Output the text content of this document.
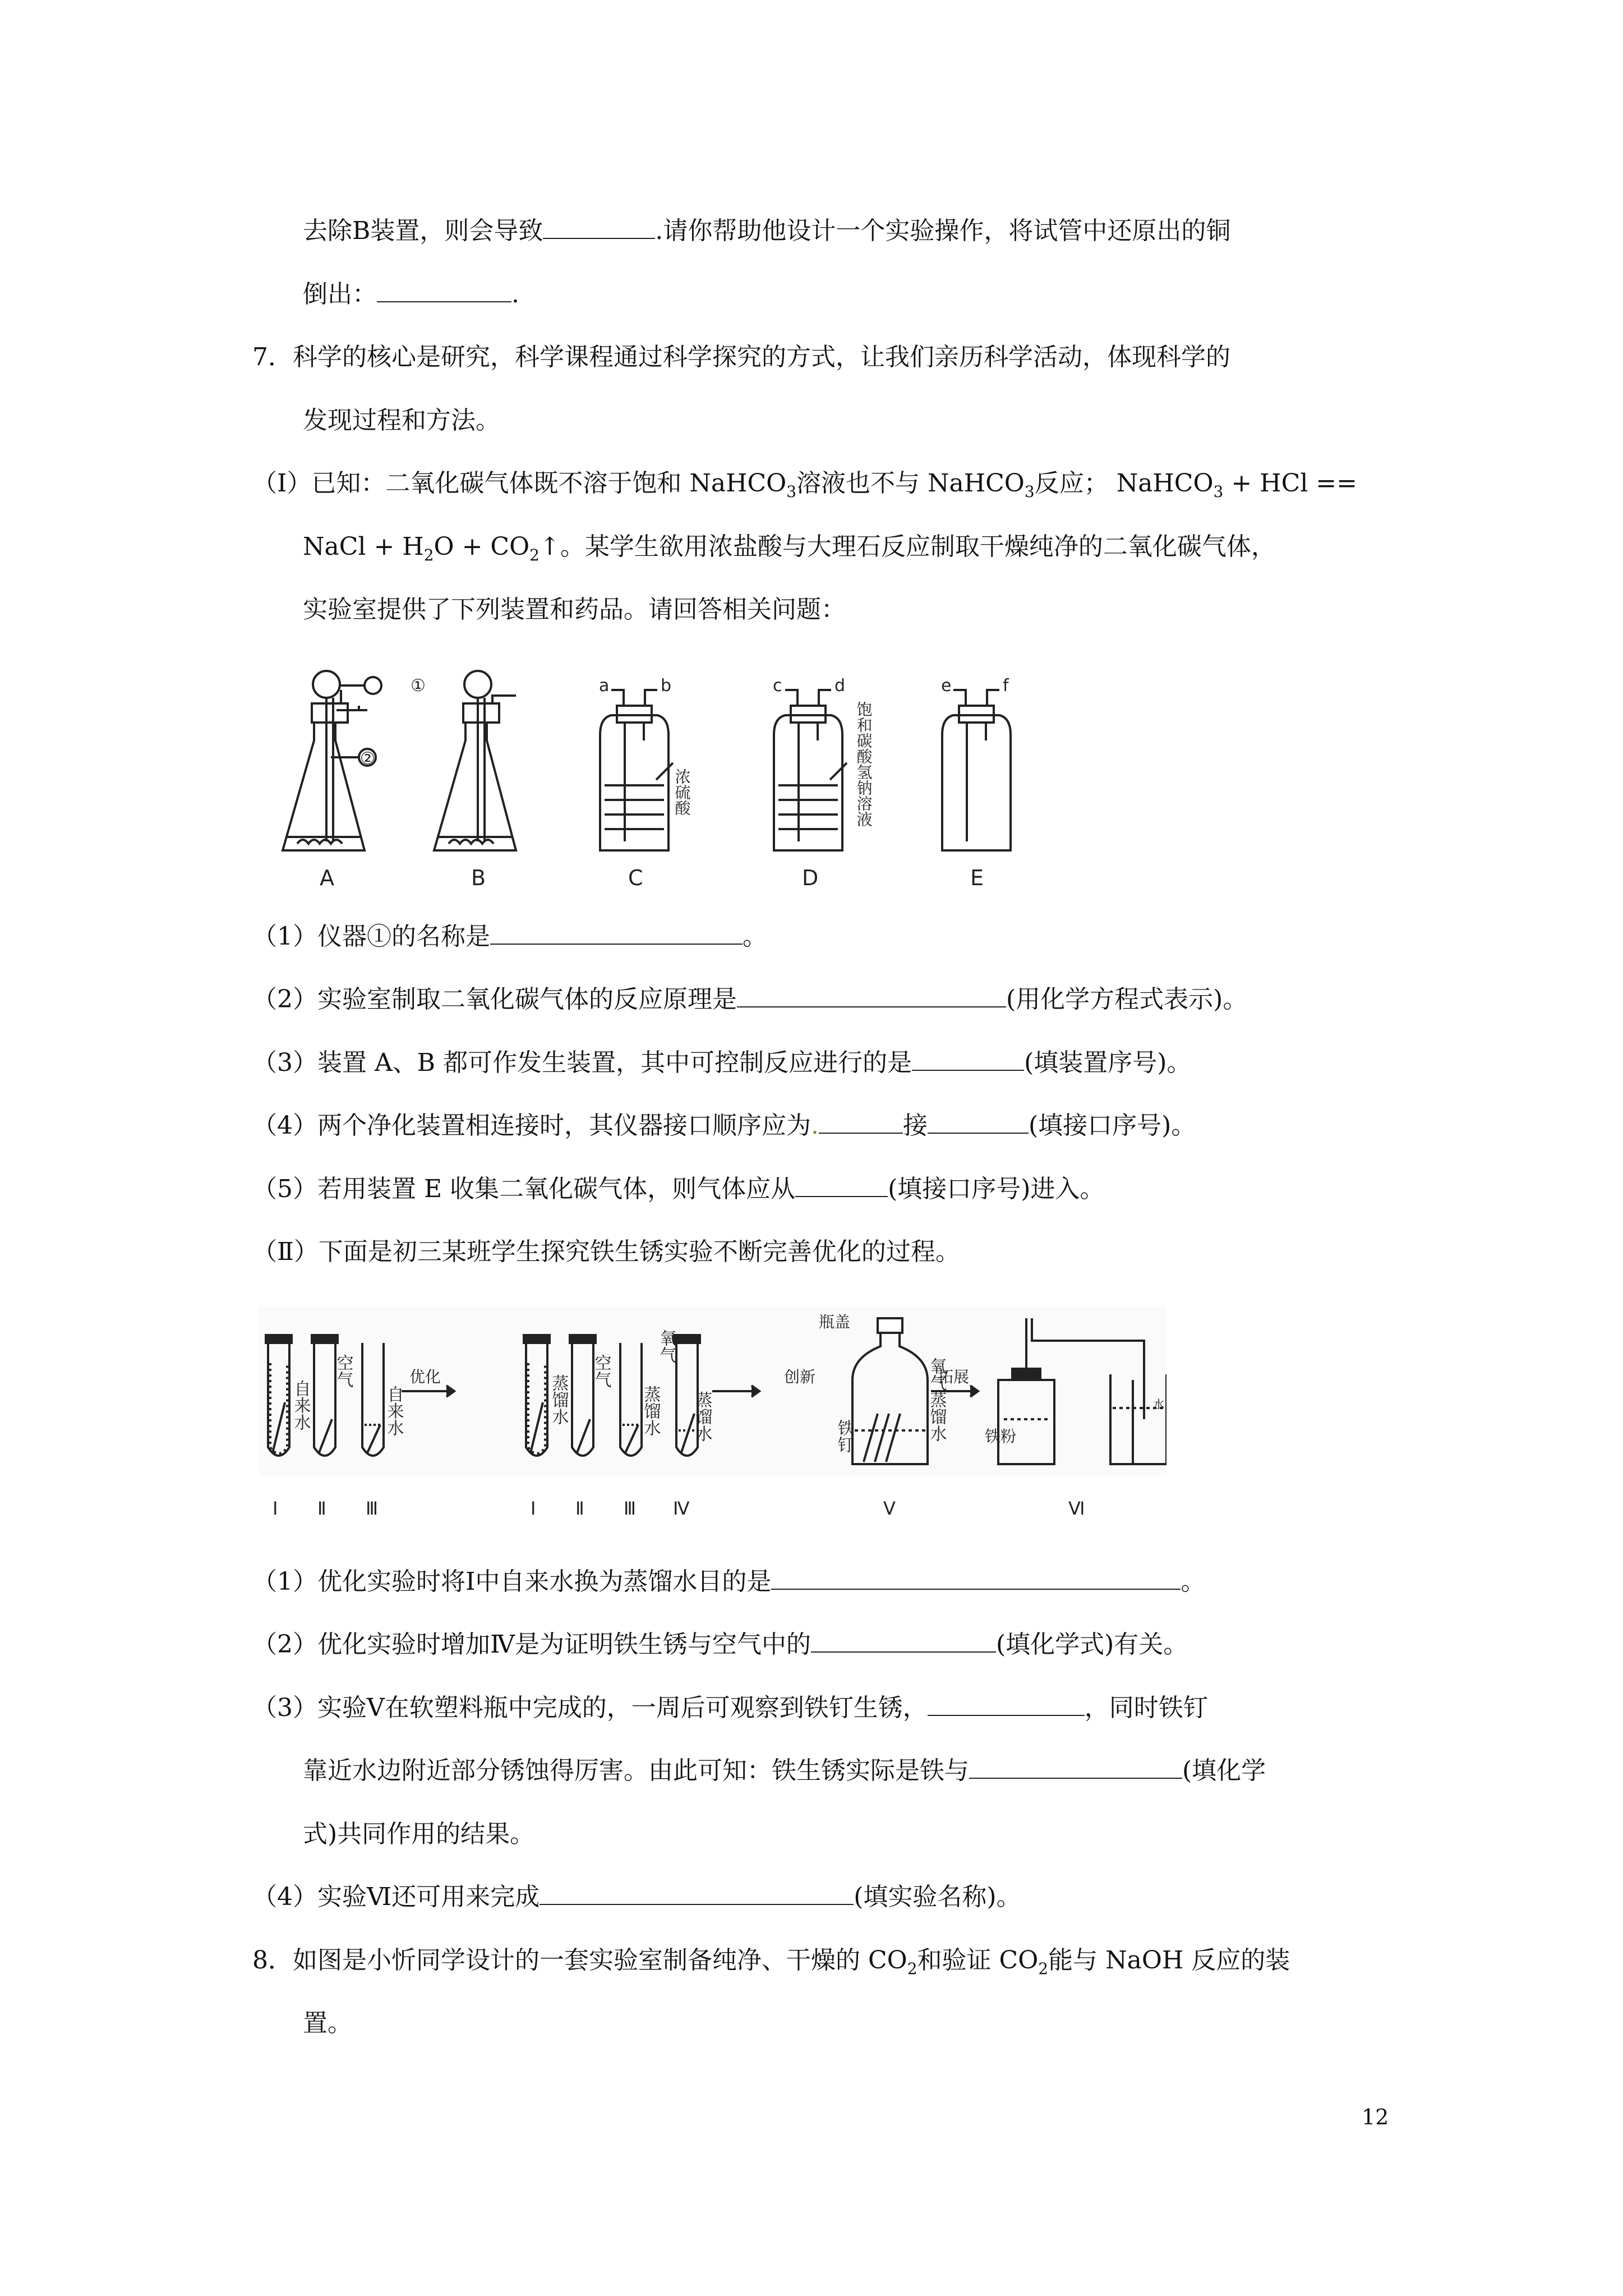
去除B装置，则会导致	.请你帮助他设计一个实验操作，将试管中还原出的铜
倒出：	.
7．科学的核心是研究，科学课程通过科学探究的方式，让我们亲历科学活动，体现科学的
发现过程和方法。
（Ⅰ）已知：二氧化碳气体既不溶于饱和 NaHCO$_3$溶液也不与 NaHCO$_3$反应； NaHCO$_3$ + HCl ==
NaCl + $H_2O$ + $CO_2↑$。某学生欲用浓盐酸与大理石反应制取干燥纯净的二氧化碳气体，
实验室提供了下列装置和药品。请回答相关问题：
①
②
a	b	c	d	e	f
浓硫酸	饱和碳酸氢钠溶液
A	B	C	D	E
（1）仪器①的名称是	。
（2）实验室制取二氧化碳气体的反应原理是	(用化学方程式表示)。
（3）装置 A、B 都可作发生装置，其中可控制反应进行的是	(填装置序号)。
（4）两个净化装置相连接时，其仪器接口顺序应为.	接	(填接口序号)。
（5）若用装置 E 收集二氧化碳气体，则气体应从	(填接口序号)进入。
（Ⅱ）下面是初三某班学生探究铁生锈实验不断完善优化的过程。
自来水
空气
自来水	蒸馏水
空气
蒸馏水
氧气
蒸馏水	铁钉	氧气蒸馏水
优化	创新
瓶盖
拓展
铁粉
水
Ⅰ Ⅱ Ⅲ	Ⅰ Ⅱ Ⅲ Ⅳ	Ⅴ	Ⅵ
（1）优化实验时将Ⅰ中自来水换为蒸馏水目的是	。
（2）优化实验时增加Ⅳ是为证明铁生锈与空气中的	(填化学式)有关。
（3）实验Ⅴ在软塑料瓶中完成的，一周后可观察到铁钉生锈，	，同时铁钉
靠近水边附近部分锈蚀得厉害。由此可知：铁生锈实际是铁与	(填化学
式)共同作用的结果。
（4）实验Ⅵ还可用来完成	(填实验名称)。
8．如图是小忻同学设计的一套实验室制备纯净、干燥的 $CO_2$和验证 $CO_2$能与 NaOH 反应的装
置。
12
